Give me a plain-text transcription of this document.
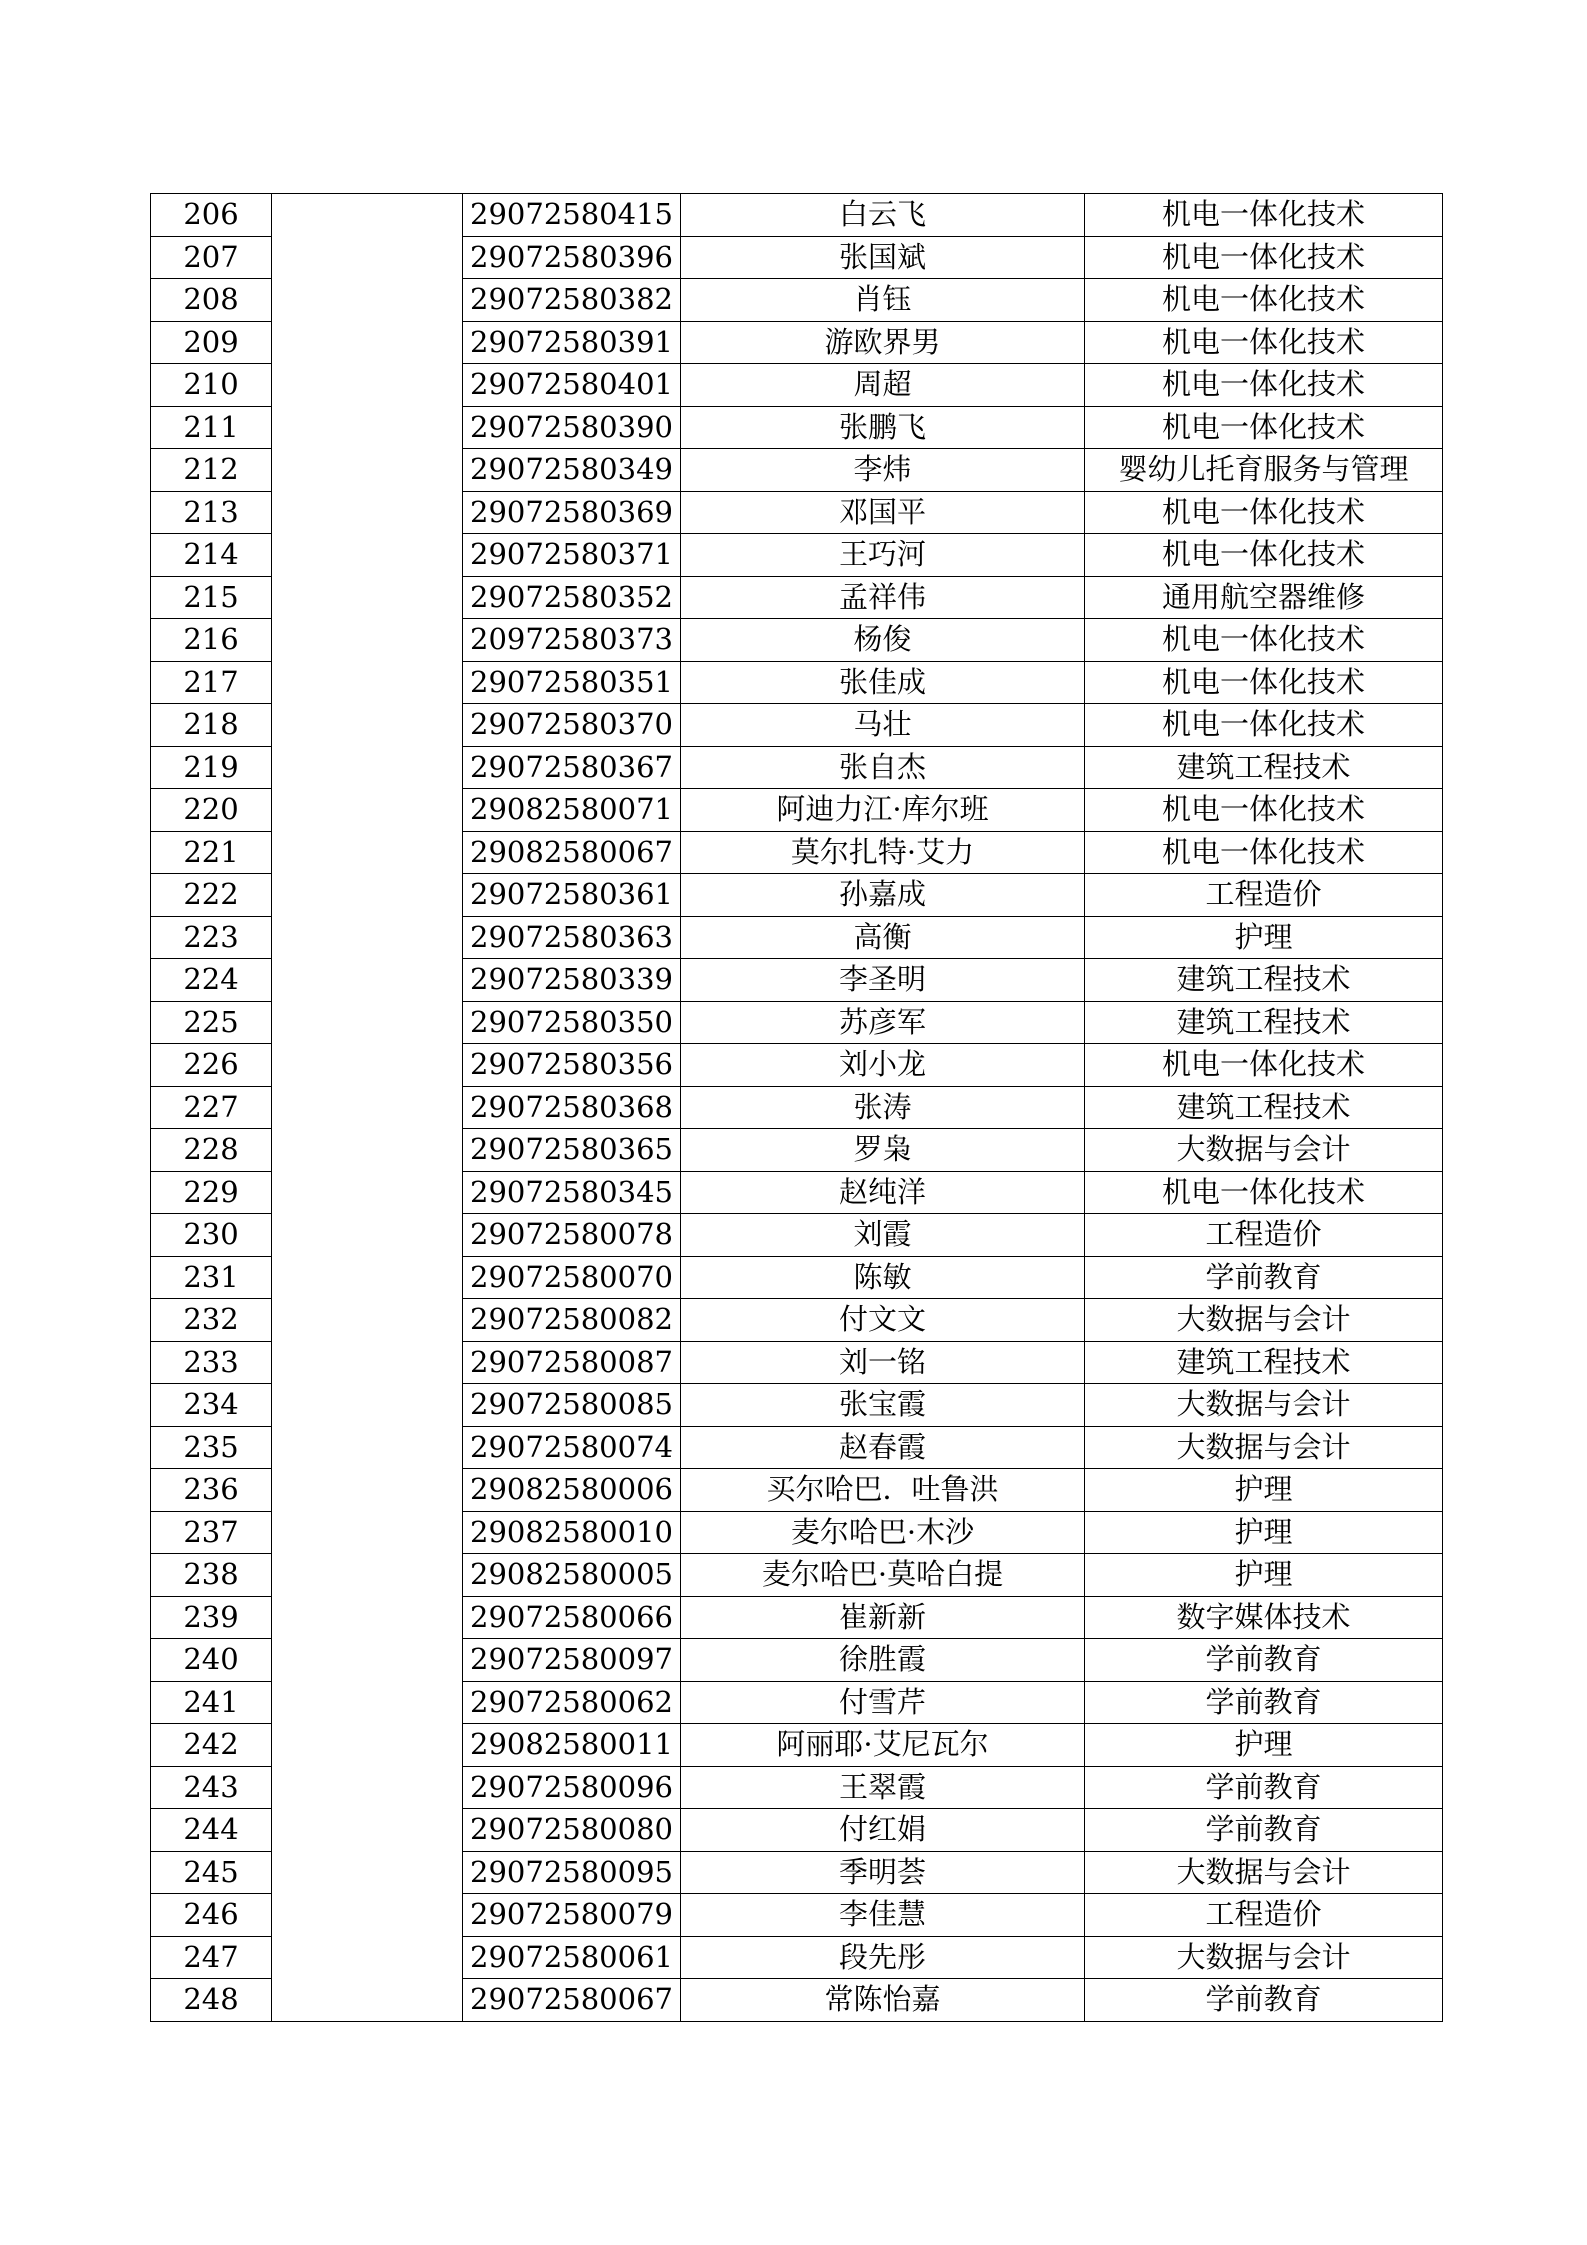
206		29072580415	白云飞	机电一体化技术
207		29072580396	张国斌	机电一体化技术
208		29072580382	肖钰	机电一体化技术
209		29072580391	游欧界男	机电一体化技术
210		29072580401	周超	机电一体化技术
211		29072580390	张鹏飞	机电一体化技术
212		29072580349	李炜	婴幼儿托育服务与管理
213		29072580369	邓国平	机电一体化技术
214		29072580371	王巧河	机电一体化技术
215		29072580352	孟祥伟	通用航空器维修
216		20972580373	杨俊	机电一体化技术
217		29072580351	张佳成	机电一体化技术
218		29072580370	马壮	机电一体化技术
219		29072580367	张自杰	建筑工程技术
220		29082580071	阿迪力江·库尔班	机电一体化技术
221		29082580067	莫尔扎特·艾力	机电一体化技术
222		29072580361	孙嘉成	工程造价
223		29072580363	高衡	护理
224		29072580339	李圣明	建筑工程技术
225		29072580350	苏彦军	建筑工程技术
226		29072580356	刘小龙	机电一体化技术
227		29072580368	张涛	建筑工程技术
228		29072580365	罗枭	大数据与会计
229		29072580345	赵纯洋	机电一体化技术
230		29072580078	刘霞	工程造价
231		29072580070	陈敏	学前教育
232		29072580082	付文文	大数据与会计
233		29072580087	刘一铭	建筑工程技术
234		29072580085	张宝霞	大数据与会计
235		29072580074	赵春霞	大数据与会计
236		29082580006	买尔哈巴．吐鲁洪	护理
237		29082580010	麦尔哈巴·木沙	护理
238		29082580005	麦尔哈巴·莫哈白提	护理
239		29072580066	崔新新	数字媒体技术
240		29072580097	徐胜霞	学前教育
241		29072580062	付雪芹	学前教育
242		29082580011	阿丽耶·艾尼瓦尔	护理
243		29072580096	王翠霞	学前教育
244		29072580080	付红娟	学前教育
245		29072580095	季明荟	大数据与会计
246		29072580079	李佳慧	工程造价
247		29072580061	段先彤	大数据与会计
248		29072580067	常陈怡嘉	学前教育
